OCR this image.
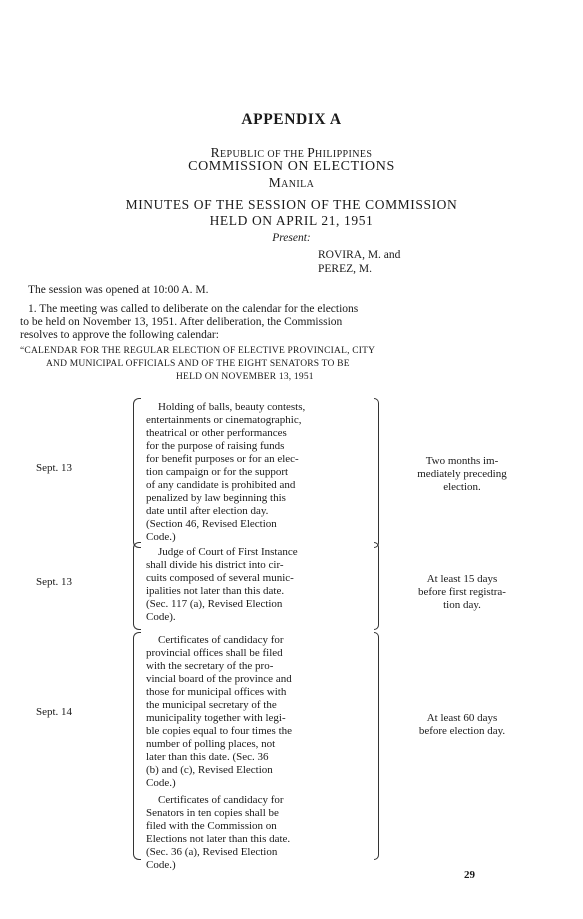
APPENDIX A
REPUBLIC OF THE PHILIPPINES
COMMISSION ON ELECTIONS
MANILA
MINUTES OF THE SESSION OF THE COMMISSION
HELD ON APRIL 21, 1951
Present:
ROVIRA, M. and
PEREZ, M.
The session was opened at 10:00 A. M.
1. The meeting was called to deliberate on the calendar for the elections
to be held on November 13, 1951. After deliberation, the Commission
resolves to approve the following calendar:
“CALENDAR FOR THE REGULAR ELECTION OF ELECTIVE PROVINCIAL, CITY
AND MUNICIPAL OFFICIALS AND OF THE EIGHT SENATORS TO BE
HELD ON NOVEMBER 13, 1951
Sept. 13
Holding of balls, beauty contests,
entertainments or cinematographic,
theatrical or other performances
for the purpose of raising funds
for benefit purposes or for an elec-
tion campaign or for the support
of any candidate is prohibited and
penalized by law beginning this
date until after election day.
(Section 46, Revised Election
Code.)
Two months im-
mediately preceding
election.
Sept. 13
Judge of Court of First Instance
shall divide his district into cir-
cuits composed of several munic-
ipalities not later than this date.
(Sec. 117 (a), Revised Election
Code).
At least 15 days
before first registra-
tion day.
Sept. 14
Certificates of candidacy for
provincial offices shall be filed
with the secretary of the pro-
vincial board of the province and
those for municipal offices with
the municipal secretary of the
municipality together with legi-
ble copies equal to four times the
number of polling places, not
later than this date. (Sec. 36
(b) and (c), Revised Election
Code.)
Certificates of candidacy for
Senators in ten copies shall be
filed with the Commission on
Elections not later than this date.
(Sec. 36 (a), Revised Election
Code.)
At least 60 days
before election day.
29
